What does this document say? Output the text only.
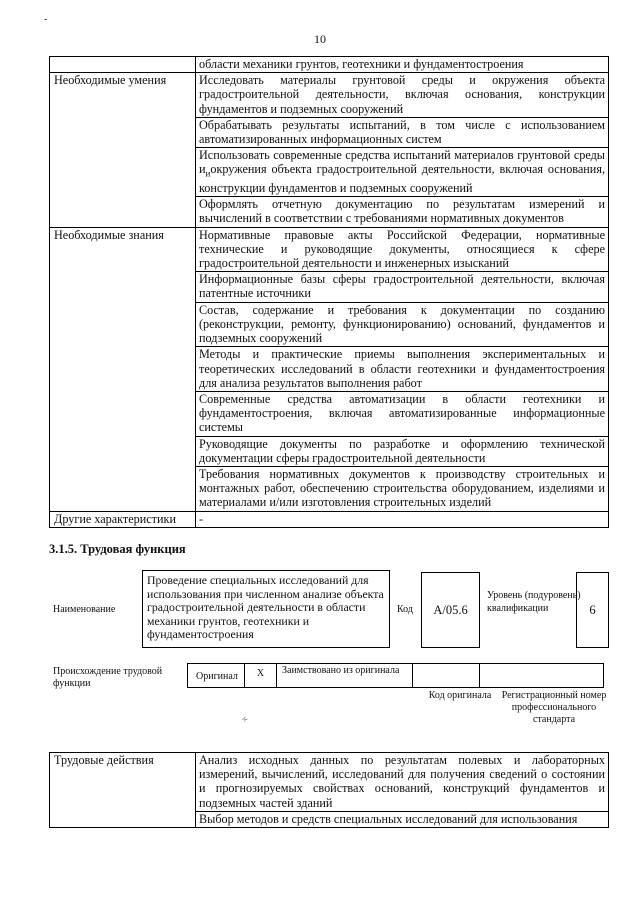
-
10
	области механики грунтов, геотехники и фундаментостроения
Необходимые умения	Исследовать материалы грунтовой среды и окружения объекта градостроительной деятельности, включая основания, конструкции фундаментов и подземных сооружений
	Обрабатывать результаты испытаний, в том числе с использованием автоматизированных информационных систем
	Использовать современные средства испытаний материалов грунтовой среды $и_иокружения$ объекта градостроительной деятельности, включая основания, конструкции фундаментов и подземных сооружений
	Оформлять отчетную документацию по результатам измерений и вычислений в соответствии с требованиями нормативных документов
Необходимые знания	Нормативные правовые акты Российской Федерации, нормативные технические и руководящие документы, относящиеся к сфере градостроительной деятельности и инженерных изысканий
	Информационные базы сферы градостроительной деятельности, включая патентные источники
	Состав, содержание и требования к документации по созданию (реконструкции, ремонту, функционированию) оснований, фундаментов и подземных сооружений
	Методы и практические приемы выполнения экспериментальных и теоретических исследований в области геотехники и фундаментостроения для анализа результатов выполнения работ
	Современные средства автоматизации в области геотехники и фундаментостроения, включая автоматизированные информационные системы
	Руководящие документы по разработке и оформлению технической документации сферы градостроительной деятельности
	Требования нормативных документов к производству строительных и монтажных работ, обеспечению строительства оборудованием, изделиями и материалами и/или изготовления строительных изделий
Другие характеристики	-
3.1.5. Трудовая функция
Наименование
Проведение специальных исследований для использования при численном анализе объекта градостроительной деятельности в области механики грунтов, геотехники и фундаментостроения
Код	A/05.6
Уровень (подуровень) квалификации	6
Происхождение трудовой функции
Оригинал	X	Заимствовано из оригинала
Код оригинала	Регистрационный номер профессионального стандарта
∻
Трудовые действия	Анализ исходных данных по результатам полевых и лабораторных измерений, вычислений, исследований для получения сведений о состоянии и прогнозируемых свойствах оснований, конструкций фундаментов и подземных частей зданий
Выбор методов и средств специальных исследований для использования
